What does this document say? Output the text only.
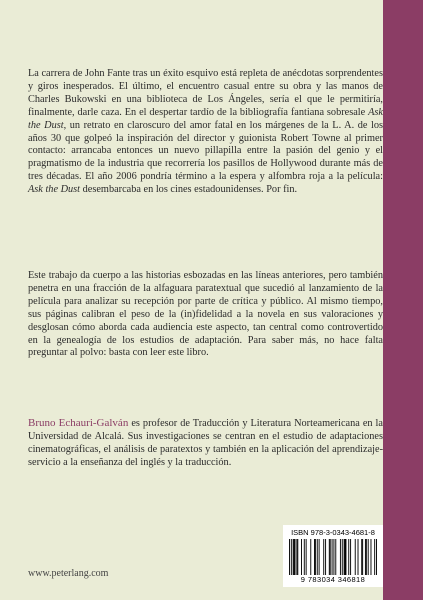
La carrera de John Fante tras un éxito esquivo está repleta de anécdotas sorprendentes y giros inesperados. El último, el encuentro casual entre su obra y las manos de Charles Bukowski en una biblioteca de Los Ángeles, sería el que le permitiría, finalmente, darle caza. En el despertar tardío de la bibliografía fantiana sobresale Ask the Dust, un retrato en claroscuro del amor fatal en los márgenes de la L. A. de los años 30 que golpeó la inspiración del director y guionista Robert Towne al primer contacto: arrancaba entonces un nuevo pillapilla entre la pasión del genio y el pragmatismo de la industria que recorrería los pasillos de Hollywood durante más de tres décadas. El año 2006 pondría término a la espera y alfombra roja a la película: Ask the Dust desembarcaba en los cines estadounidenses. Por fin.

Este trabajo da cuerpo a las historias esbozadas en las líneas anteriores, pero también penetra en una fracción de la alfaguara paratextual que sucedió al lanzamiento de la película para analizar su recepción por parte de crítica y público. Al mismo tiempo, sus páginas calibran el peso de la (in)fidelidad a la novela en sus valoraciones y desglosan cómo aborda cada audiencia este aspecto, tan central como controvertido en la genealogía de los estudios de adaptación. Para saber más, no hace falta preguntar al polvo: basta con leer este libro.

Bruno Echauri-Galván es profesor de Traducción y Literatura Norteamericana en la Universidad de Alcalá. Sus investigaciones se centran en el estudio de adaptaciones cinematográficas, el análisis de paratextos y también en la aplicación del aprendizaje-servicio a la enseñanza del inglés y la traducción.

ISBN 978-3-0343-4681-8
9 783034 346818
www.peterlang.com
